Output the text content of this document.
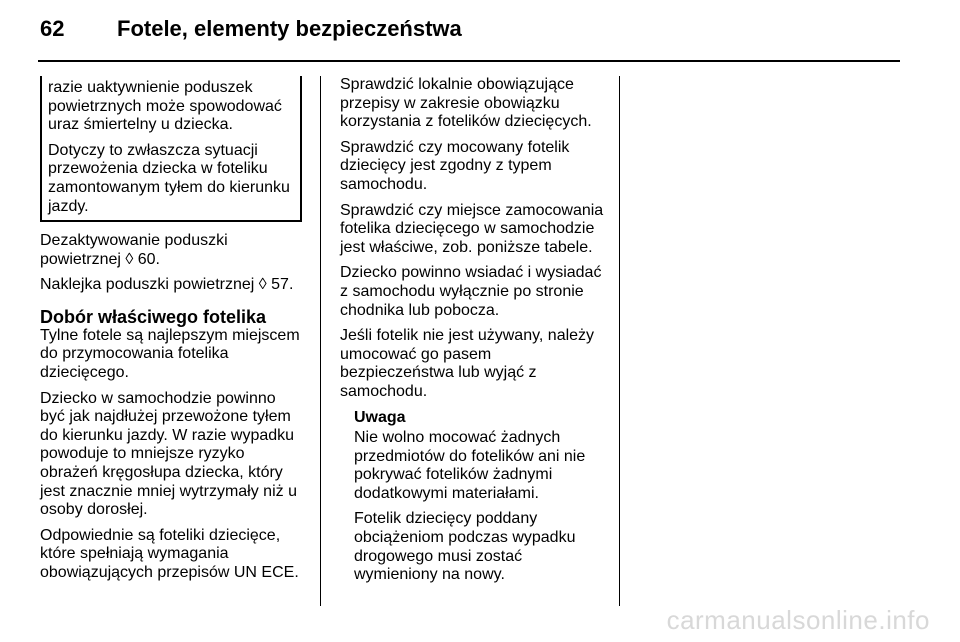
62 Fotele, elementy bezpieczeństwa

razie uaktywnienie poduszek powietrznych może spowodować uraz śmiertelny u dziecka.

Dotyczy to zwłaszcza sytuacji przewożenia dziecka w foteliku zamontowanym tyłem do kierunku jazdy.

Dezaktywowanie poduszki powietrznej ◊ 60.

Naklejka poduszki powietrznej ◊ 57.

Dobór właściwego fotelika

Tylne fotele są najlepszym miejscem do przymocowania fotelika dziecięcego.

Dziecko w samochodzie powinno być jak najdłużej przewożone tyłem do kierunku jazdy. W razie wypadku powoduje to mniejsze ryzyko obrażeń kręgosłupa dziecka, który jest znacznie mniej wytrzymały niż u osoby dorosłej.

Odpowiednie są foteliki dziecięce, które spełniają wymagania obowiązujących przepisów UN ECE.

Sprawdzić lokalnie obowiązujące przepisy w zakresie obowiązku korzystania z fotelików dziecięcych.

Sprawdzić czy mocowany fotelik dziecięcy jest zgodny z typem samochodu.

Sprawdzić czy miejsce zamocowania fotelika dziecięcego w samochodzie jest właściwe, zob. poniższe tabele.

Dziecko powinno wsiadać i wysiadać z samochodu wyłącznie po stronie chodnika lub pobocza.

Jeśli fotelik nie jest używany, należy umocować go pasem bezpieczeństwa lub wyjąć z samochodu.

Uwaga

Nie wolno mocować żadnych przedmiotów do fotelików ani nie pokrywać fotelików żadnymi dodatkowymi materiałami.

Fotelik dziecięcy poddany obciążeniom podczas wypadku drogowego musi zostać wymieniony na nowy.

carmanualsonline.info
